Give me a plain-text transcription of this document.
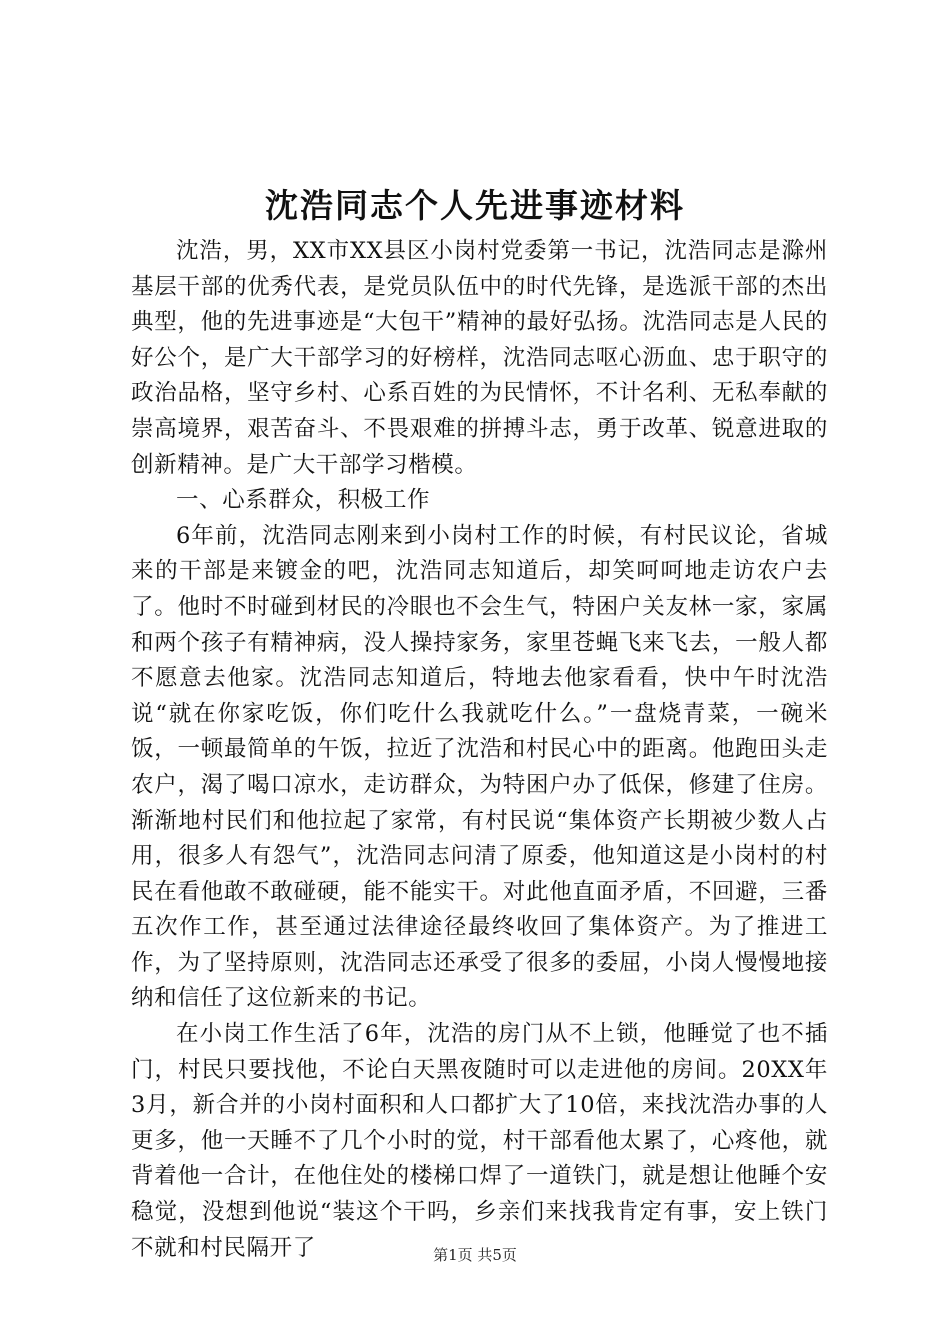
沈浩同志个人先进事迹材料

沈浩，男，XX市XX县区小岗村党委第一书记，沈浩同志是滁州基层干部的优秀代表，是党员队伍中的时代先锋，是选派干部的杰出典型，他的先进事迹是“大包干”精神的最好弘扬。沈浩同志是人民的好公个，是广大干部学习的好榜样，沈浩同志呕心沥血、忠于职守的政治品格，坚守乡村、心系百姓的为民情怀，不计名利、无私奉献的崇高境界，艰苦奋斗、不畏艰难的拼搏斗志，勇于改革、锐意进取的创新精神。是广大干部学习楷模。

一、心系群众，积极工作

6年前，沈浩同志刚来到小岗村工作的时候，有村民议论，省城来的干部是来镀金的吧，沈浩同志知道后，却笑呵呵地走访农户去了。他时不时碰到材民的冷眼也不会生气，特困户关友林一家，家属和两个孩子有精神病，没人操持家务，家里苍蝇飞来飞去，一般人都不愿意去他家。沈浩同志知道后，特地去他家看看，快中午时沈浩说“就在你家吃饭，你们吃什么我就吃什么。”一盘烧青菜，一碗米饭，一顿最简单的午饭，拉近了沈浩和村民心中的距离。他跑田头走农户，渴了喝口凉水，走访群众，为特困户办了低保，修建了住房。渐渐地村民们和他拉起了家常，有村民说“集体资产长期被少数人占用，很多人有怨气”，沈浩同志问清了原委，他知道这是小岗村的村民在看他敢不敢碰硬，能不能实干。对此他直面矛盾，不回避，三番五次作工作，甚至通过法律途径最终收回了集体资产。为了推进工作，为了坚持原则，沈浩同志还承受了很多的委屈，小岗人慢慢地接纳和信任了这位新来的书记。

在小岗工作生活了6年，沈浩的房门从不上锁，他睡觉了也不插门，村民只要找他，不论白天黑夜随时可以走进他的房间。20XX年3月，新合并的小岗村面积和人口都扩大了10倍，来找沈浩办事的人更多，他一天睡不了几个小时的觉，村干部看他太累了，心疼他，就背着他一合计，在他住处的楼梯口焊了一道铁门，就是想让他睡个安稳觉，没想到他说“装这个干吗，乡亲们来找我肯定有事，安上铁门不就和村民隔开了	第1页 共5页
